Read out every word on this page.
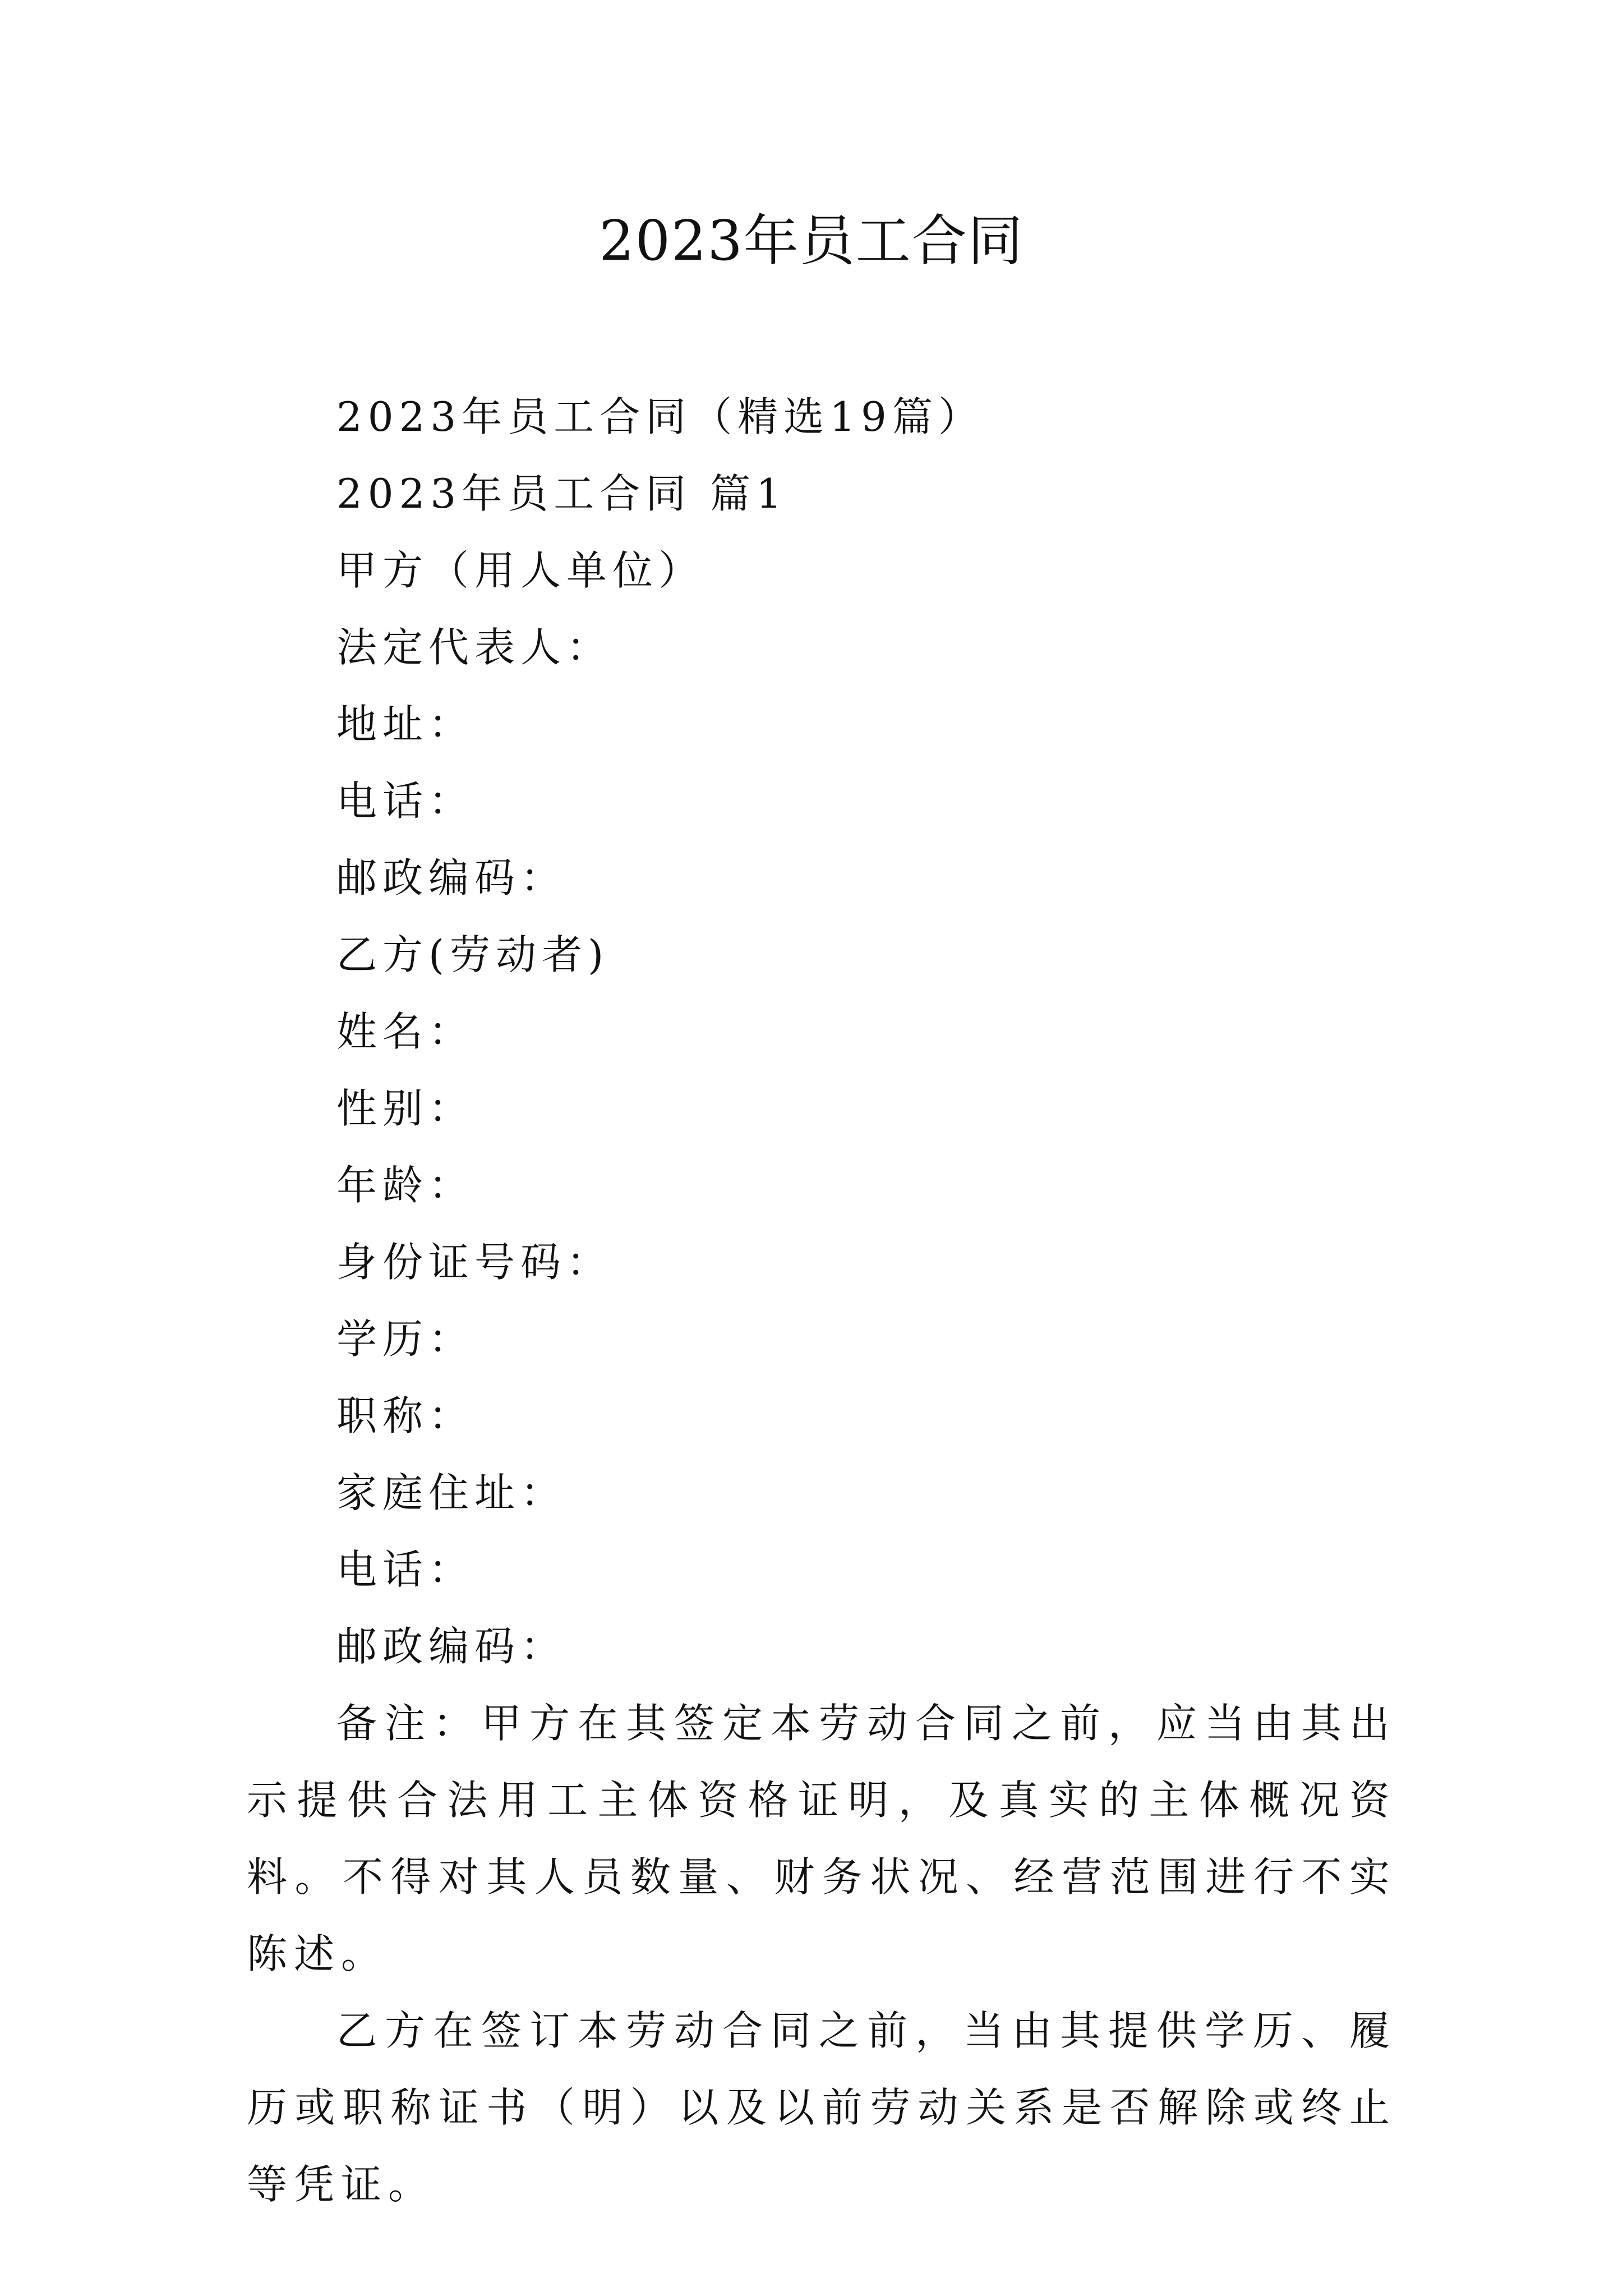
2023年员工合同

2023年员工合同（精选19篇）

2023年员工合同 篇1

甲方（用人单位）

法定代表人：

地址：

电话：

邮政编码：

乙方(劳动者)

姓名：

性别：

年龄：

身份证号码：

学历：

职称：

家庭住址：

电话：

邮政编码：

备注：甲方在其签定本劳动合同之前，应当由其出示提供合法用工主体资格证明，及真实的主体概况资料。不得对其人员数量、财务状况、经营范围进行不实陈述。

乙方在签订本劳动合同之前，当由其提供学历、履历或职称证书（明）以及以前劳动关系是否解除或终止等凭证。
